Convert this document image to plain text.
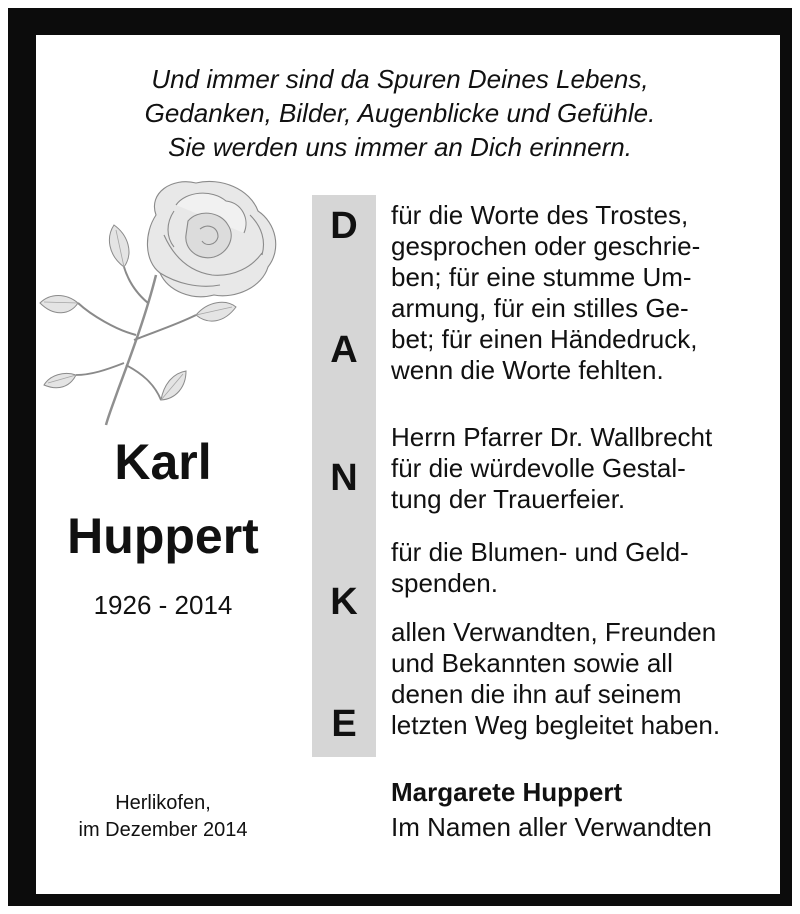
Und immer sind da Spuren Deines Lebens,
Gedanken, Bilder, Augenblicke und Gefühle.
Sie werden uns immer an Dich erinnern.
Karl
Huppert
1926 - 2014
Herlikofen,
im Dezember 2014
D
A
N
K
E
für die Worte des Trostes,
gesprochen oder geschrie-
ben; für eine stumme Um-
armung, für ein stilles Ge-
bet; für einen Händedruck,
wenn die Worte fehlten.
Herrn Pfarrer Dr. Wallbrecht
für die würdevolle Gestal-
tung der Trauerfeier.
für die Blumen- und Geld-
spenden.
allen Verwandten, Freunden
und Bekannten sowie all
denen die ihn auf seinem
letzten Weg begleitet haben.
Margarete Huppert
Im Namen aller Verwandten
